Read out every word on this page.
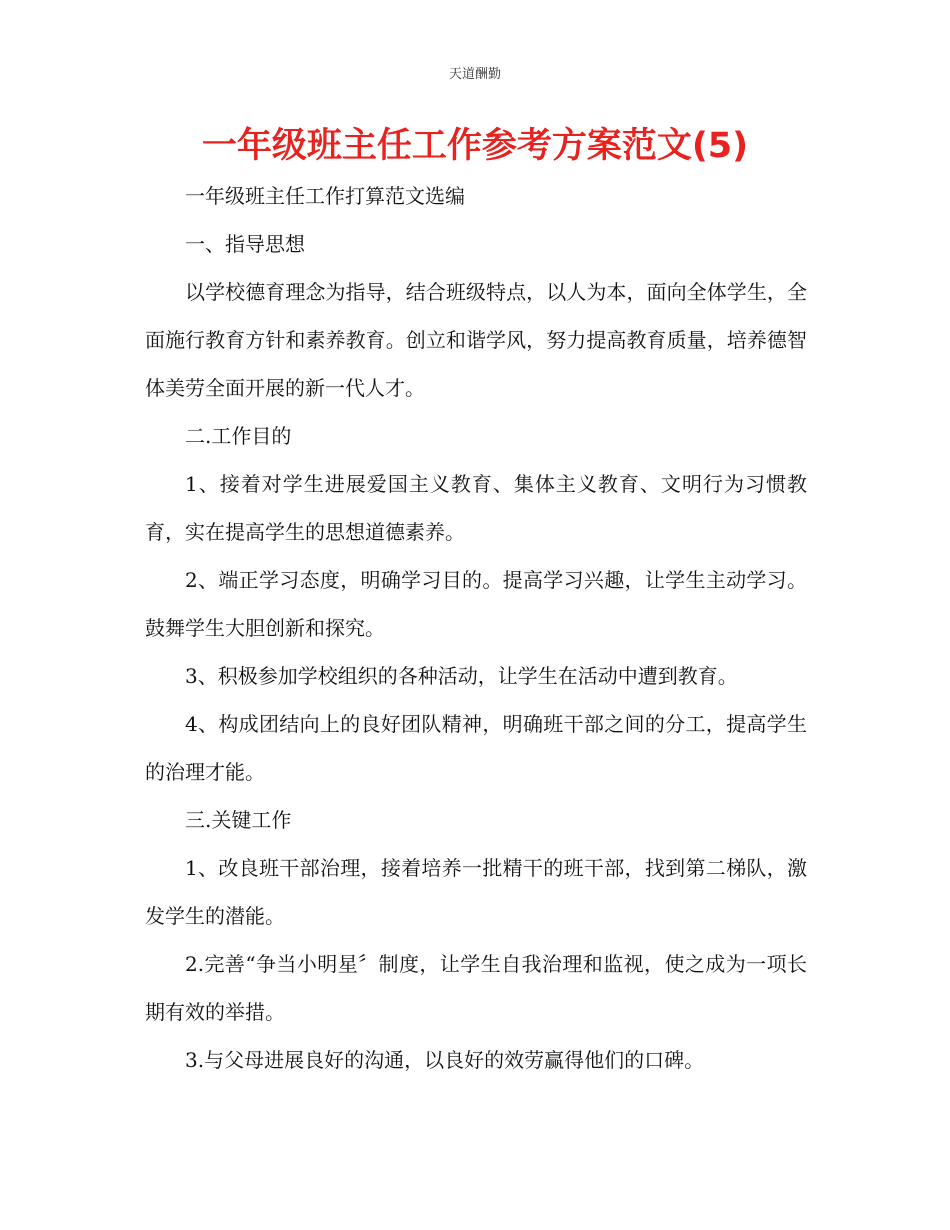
天道酬勤
一年级班主任工作参考方案范文(5)

一年级班主任工作打算范文选编

一、指导思想

以学校德育理念为指导，结合班级特点，以人为本，面向全体学生，全面施行教育方针和素养教育。创立和谐学风，努力提高教育质量，培养德智体美劳全面开展的新一代人才。

二.工作目的

1、接着对学生进展爱国主义教育、集体主义教育、文明行为习惯教育，实在提高学生的思想道德素养。

2、端正学习态度，明确学习目的。提高学习兴趣，让学生主动学习。鼓舞学生大胆创新和探究。

3、积极参加学校组织的各种活动，让学生在活动中遭到教育。

4、构成团结向上的良好团队精神，明确班干部之间的分工，提高学生的治理才能。

三.关键工作

1、改良班干部治理，接着培养一批精干的班干部，找到第二梯队，激发学生的潜能。

2.完善“争当小明星〞制度，让学生自我治理和监视，使之成为一项长期有效的举措。

3.与父母进展良好的沟通，以良好的效劳赢得他们的口碑。
